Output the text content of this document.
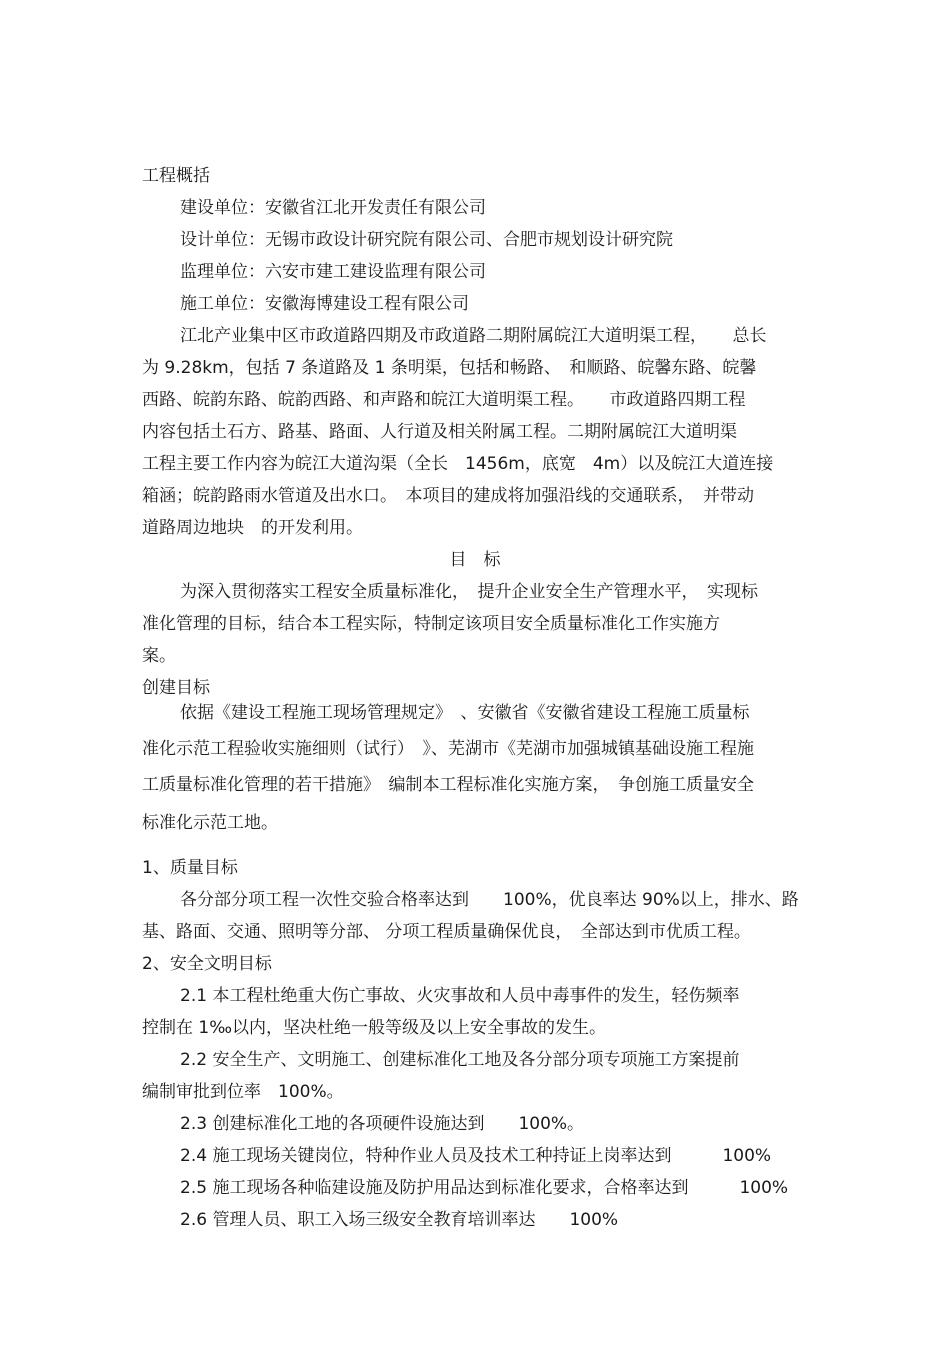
工程概括
建设单位：安徽省江北开发责任有限公司
设计单位：无锡市政设计研究院有限公司、合肥市规划设计研究院
监理单位：六安市建工建设监理有限公司
施工单位：安徽海博建设工程有限公司
江北产业集中区市政道路四期及市政道路二期附属皖江大道明渠工程，　　总长
为 9.28km，包括 7 条道路及 1 条明渠，包括和畅路、　和顺路、皖馨东路、皖馨
西路、皖韵东路、皖韵西路、和声路和皖江大道明渠工程。　　市政道路四期工程
内容包括土石方、路基、路面、人行道及相关附属工程。二期附属皖江大道明渠
工程主要工作内容为皖江大道沟渠（全长　1456m，底宽　4m）以及皖江大道连接
箱涵；皖韵路雨水管道及出水口。　本项目的建成将加强沿线的交通联系，　并带动
道路周边地块　的开发利用。
目　标
为深入贯彻落实工程安全质量标准化，　提升企业安全生产管理水平，　实现标
准化管理的目标，结合本工程实际，特制定该项目安全质量标准化工作实施方
案。
创建目标
依据《建设工程施工现场管理规定》　、安徽省《安徽省建设工程施工质量标
准化示范工程验收实施细则（试行）　》、芜湖市《芜湖市加强城镇基础设施工程施
工质量标准化管理的若干措施》　编制本工程标准化实施方案，　争创施工质量安全
标准化示范工地。
1、质量目标
各分部分项工程一次性交验合格率达到　　100%，优良率达 90%以上，排水、路
基、路面、交通、照明等分部、 分项工程质量确保优良，　全部达到市优质工程。
2、安全文明目标
2.1 本工程杜绝重大伤亡事故、火灾事故和人员中毒事件的发生，轻伤频率
控制在 1‰以内，坚决杜绝一般等级及以上安全事故的发生。
2.2 安全生产、文明施工、创建标准化工地及各分部分项专项施工方案提前
编制审批到位率　100%。
2.3 创建标准化工地的各项硬件设施达到　　100%。
2.4 施工现场关键岗位，特种作业人员及技术工种持证上岗率达到　　　100%
2.5 施工现场各种临建设施及防护用品达到标准化要求，合格率达到　　　100%
2.6 管理人员、职工入场三级安全教育培训率达　　100%
